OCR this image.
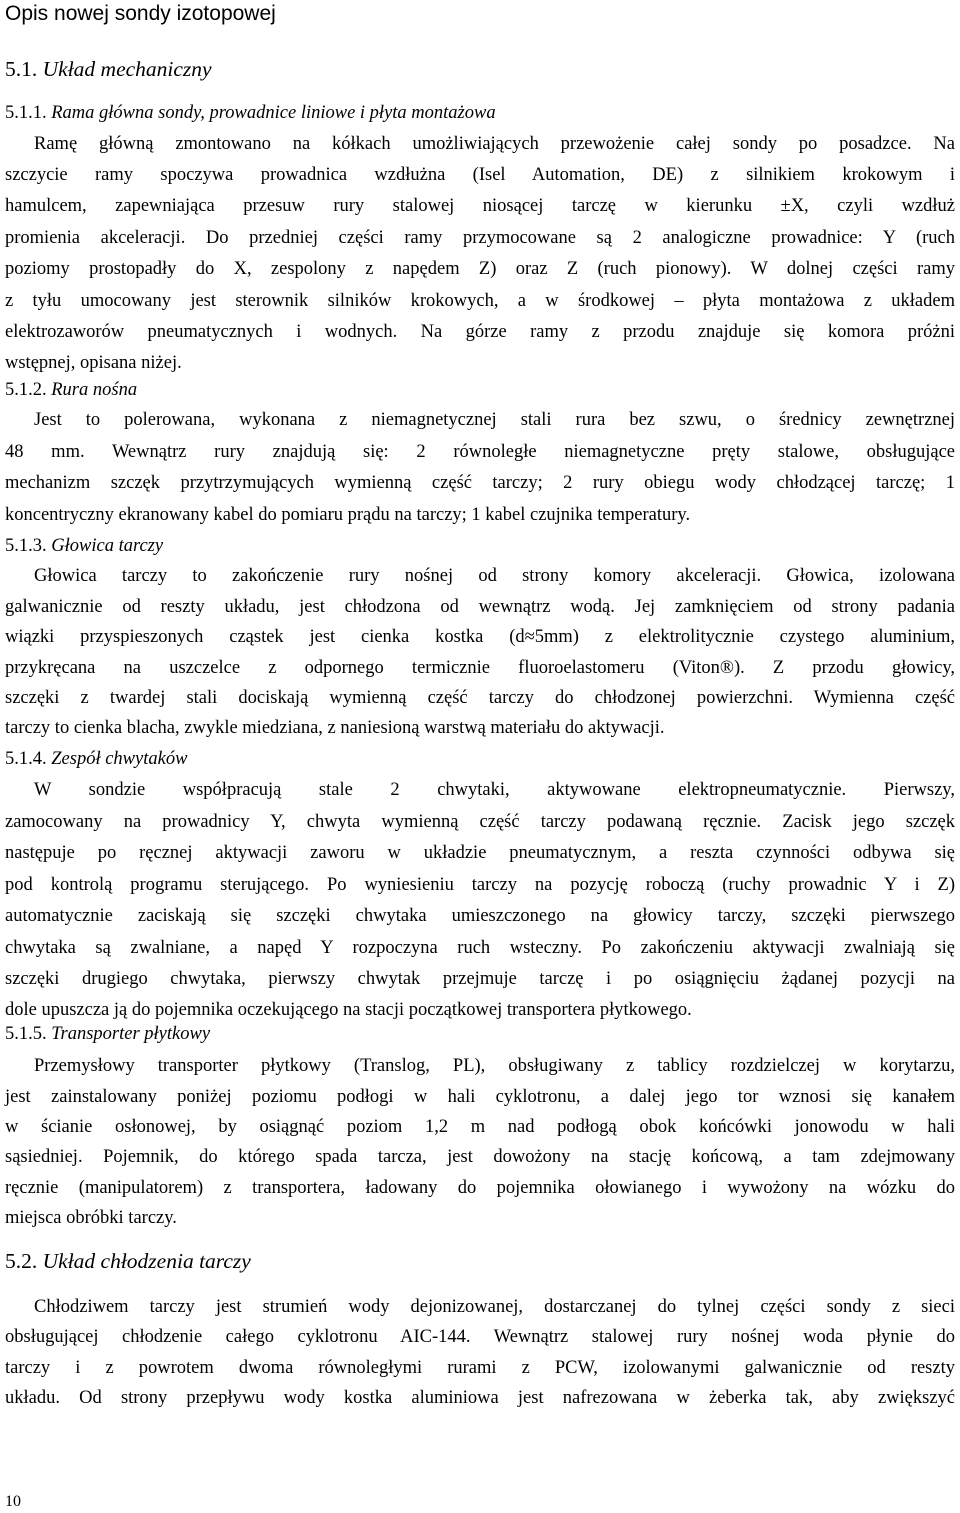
Opis nowej sondy izotopowej
5.1. Układ mechaniczny
5.1.1. Rama główna sondy, prowadnice liniowe i płyta montażowa
Ramę główną zmontowano na kółkach umożliwiających przewożenie całej sondy po posadzce. Na
szczycie ramy spoczywa prowadnica wzdłużna (Isel Automation, DE) z silnikiem krokowym i
hamulcem, zapewniająca przesuw rury stalowej niosącej tarczę w kierunku ±X, czyli wzdłuż
promienia akceleracji. Do przedniej części ramy przymocowane są 2 analogiczne prowadnice: Y (ruch
poziomy prostopadły do X, zespolony z napędem Z) oraz Z (ruch pionowy). W dolnej części ramy
z tyłu umocowany jest sterownik silników krokowych, a w środkowej – płyta montażowa z układem
elektrozaworów pneumatycznych i wodnych. Na górze ramy z przodu znajduje się komora próżni
wstępnej, opisana niżej.
5.1.2. Rura nośna
Jest to polerowana, wykonana z niemagnetycznej stali rura bez szwu, o średnicy zewnętrznej
48 mm. Wewnątrz rury znajdują się: 2 równoległe niemagnetyczne pręty stalowe, obsługujące
mechanizm szczęk przytrzymujących wymienną część tarczy; 2 rury obiegu wody chłodzącej tarczę; 1
koncentryczny ekranowany kabel do pomiaru prądu na tarczy; 1 kabel czujnika temperatury.
5.1.3. Głowica tarczy
Głowica tarczy to zakończenie rury nośnej od strony komory akceleracji. Głowica, izolowana
galwanicznie od reszty układu, jest chłodzona od wewnątrz wodą. Jej zamknięciem od strony padania
wiązki przyspieszonych cząstek jest cienka kostka (d≈5mm) z elektrolitycznie czystego aluminium,
przykręcana na uszczelce z odpornego termicznie fluoroelastomeru (Viton®). Z przodu głowicy,
szczęki z twardej stali dociskają wymienną część tarczy do chłodzonej powierzchni. Wymienna część
tarczy to cienka blacha, zwykle miedziana, z naniesioną warstwą materiału do aktywacji.
5.1.4. Zespół chwytaków
W sondzie współpracują stale 2 chwytaki, aktywowane elektropneumatycznie. Pierwszy,
zamocowany na prowadnicy Y, chwyta wymienną część tarczy podawaną ręcznie. Zacisk jego szczęk
następuje po ręcznej aktywacji zaworu w układzie pneumatycznym, a reszta czynności odbywa się
pod kontrolą programu sterującego. Po wyniesieniu tarczy na pozycję roboczą (ruchy prowadnic Y i Z)
automatycznie zaciskają się szczęki chwytaka umieszczonego na głowicy tarczy, szczęki pierwszego
chwytaka są zwalniane, a napęd Y rozpoczyna ruch wsteczny. Po zakończeniu aktywacji zwalniają się
szczęki drugiego chwytaka, pierwszy chwytak przejmuje tarczę i po osiągnięciu żądanej pozycji na
dole upuszcza ją do pojemnika oczekującego na stacji początkowej transportera płytkowego.
5.1.5. Transporter płytkowy
Przemysłowy transporter płytkowy (Translog, PL), obsługiwany z tablicy rozdzielczej w korytarzu,
jest zainstalowany poniżej poziomu podłogi w hali cyklotronu, a dalej jego tor wznosi się kanałem
w ścianie osłonowej, by osiągnąć poziom 1,2 m nad podłogą obok końcówki jonowodu w hali
sąsiedniej. Pojemnik, do którego spada tarcza, jest dowożony na stację końcową, a tam zdejmowany
ręcznie (manipulatorem) z transportera, ładowany do pojemnika ołowianego i wywożony na wózku do
miejsca obróbki tarczy.
5.2. Układ chłodzenia tarczy
Chłodziwem tarczy jest strumień wody dejonizowanej, dostarczanej do tylnej części sondy z sieci
obsługującej chłodzenie całego cyklotronu AIC-144. Wewnątrz stalowej rury nośnej woda płynie do
tarczy i z powrotem dwoma równoległymi rurami z PCW, izolowanymi galwanicznie od reszty
układu. Od strony przepływu wody kostka aluminiowa jest nafrezowana w żeberka tak, aby zwiększyć
10
